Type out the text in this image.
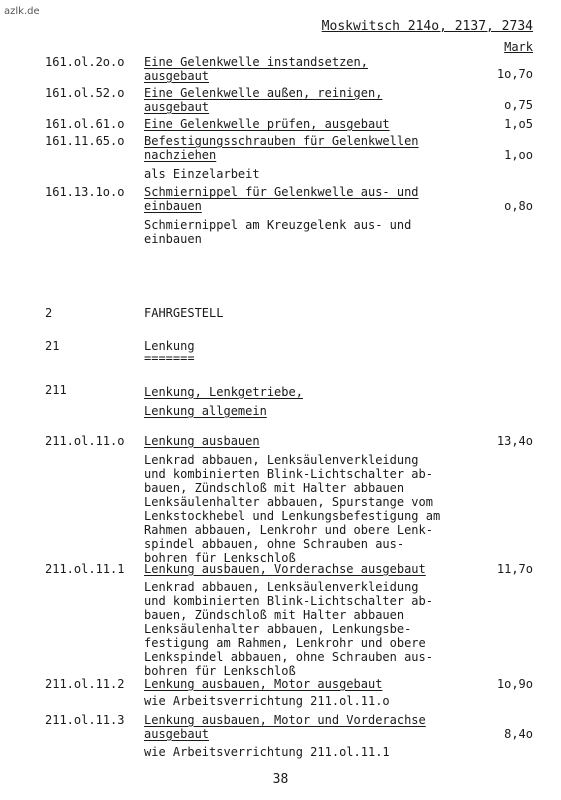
azlk.de
Moskwitsch 214o, 2137, 2734
Mark
161.ol.2o.o Eine Gelenkwelle instandsetzen,
ausgebaut	1o,7o
161.ol.52.o Eine Gelenkwelle außen, reinigen,
ausgebaut	o,75
161.ol.61.o Eine Gelenkwelle prüfen, ausgebaut	1,o5
161.11.65.o Befestigungsschrauben für Gelenkwellen
nachziehen	1,oo
als Einzelarbeit
161.13.1o.o Schmiernippel für Gelenkwelle aus- und
einbauen	o,8o
Schmiernippel am Kreuzgelenk aus- und
einbauen
2	FAHRGESTELL
21	Lenkung
=======
211	Lenkung, Lenkgetriebe,
Lenkung allgemein
211.ol.11.o Lenkung ausbauen	13,4o
Lenkrad abbauen, Lenksäulenverkleidung
und kombinierten Blink-Lichtschalter ab-
bauen, Zündschloß mit Halter abbauen
Lenksäulenhalter abbauen, Spurstange vom
Lenkstockhebel und Lenkungsbefestigung am
Rahmen abbauen, Lenkrohr und obere Lenk-
spindel abbauen, ohne Schrauben aus-
bohren für Lenkschloß
211.ol.11.1 Lenkung ausbauen, Vorderachse ausgebaut	11,7o
Lenkrad abbauen, Lenksäulenverkleidung
und kombinierten Blink-Lichtschalter ab-
bauen, Zündschloß mit Halter abbauen
Lenksäulenhalter abbauen, Lenkungsbe-
festigung am Rahmen, Lenkrohr und obere
Lenkspindel abbauen, ohne Schrauben aus-
bohren für Lenkschloß
211.ol.11.2 Lenkung ausbauen, Motor ausgebaut	1o,9o
wie Arbeitsverrichtung 211.ol.11.o
211.ol.11.3 Lenkung ausbauen, Motor und Vorderachse
ausgebaut	8,4o
wie Arbeitsverrichtung 211.ol.11.1
38
